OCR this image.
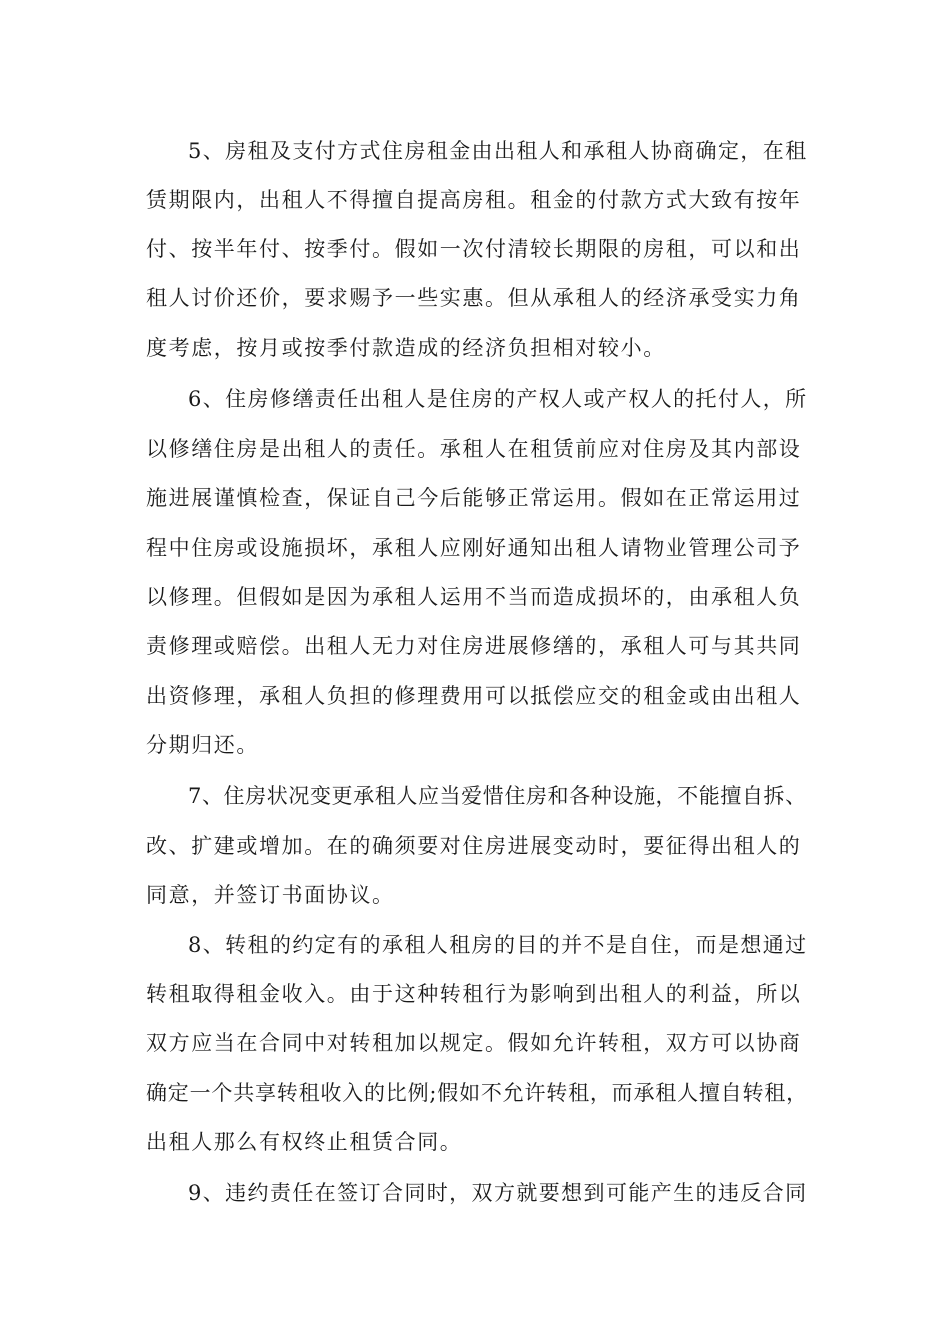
5、房租及支付方式住房租金由出租人和承租人协商确定，在租

赁期限内，出租人不得擅自提高房租。租金的付款方式大致有按年

付、按半年付、按季付。假如一次付清较长期限的房租，可以和出

租人讨价还价，要求赐予一些实惠。但从承租人的经济承受实力角

度考虑，按月或按季付款造成的经济负担相对较小。

6、住房修缮责任出租人是住房的产权人或产权人的托付人，所

以修缮住房是出租人的责任。承租人在租赁前应对住房及其内部设

施进展谨慎检查，保证自己今后能够正常运用。假如在正常运用过

程中住房或设施损坏，承租人应刚好通知出租人请物业管理公司予

以修理。但假如是因为承租人运用不当而造成损坏的，由承租人负

责修理或赔偿。出租人无力对住房进展修缮的，承租人可与其共同

出资修理，承租人负担的修理费用可以抵偿应交的租金或由出租人

分期归还。

7、住房状况变更承租人应当爱惜住房和各种设施，不能擅自拆、

改、扩建或增加。在的确须要对住房进展变动时，要征得出租人的

同意，并签订书面协议。

8、转租的约定有的承租人租房的目的并不是自住，而是想通过

转租取得租金收入。由于这种转租行为影响到出租人的利益，所以

双方应当在合同中对转租加以规定。假如允许转租，双方可以协商

确定一个共享转租收入的比例;假如不允许转租，而承租人擅自转租，

出租人那么有权终止租赁合同。

9、违约责任在签订合同时，双方就要想到可能产生的违反合同
